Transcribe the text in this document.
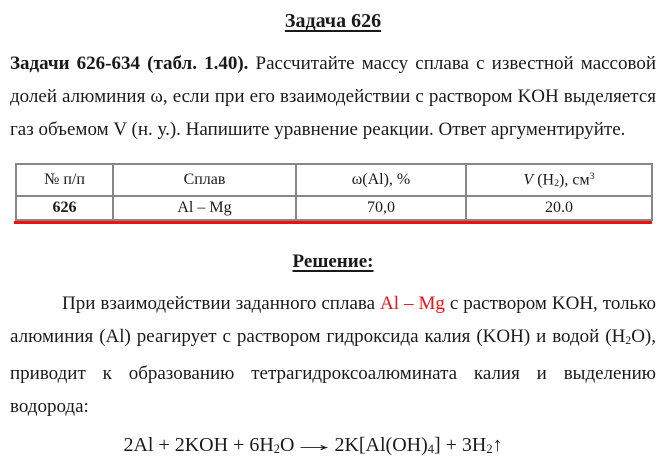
Задача 626
Задачи 626-634 (табл. 1.40). Рассчитайте массу сплава с известной массовой
долей алюминия ω, если при его взаимодействии с раствором KOH выделяется
газ объемом V (н. у.). Напишите уравнение реакции. Ответ аргументируйте.
№ п/п	Сплав	ω(Al), %	V (H2), $см^3$
626	Al – Mg	70,0	20.0
Решение:
При взаимодействии заданного сплава Al – Mg с раствором KOH, только
алюминия (Al) реагирует с раствором гидроксида калия (KOH) и водой (H2O),
приводит к образованию тетрагидроксоалюмината калия и выделению
водорода:
2Al + 2KOH + 6H2O→2K[Al(OH)4] + 3H2↑
